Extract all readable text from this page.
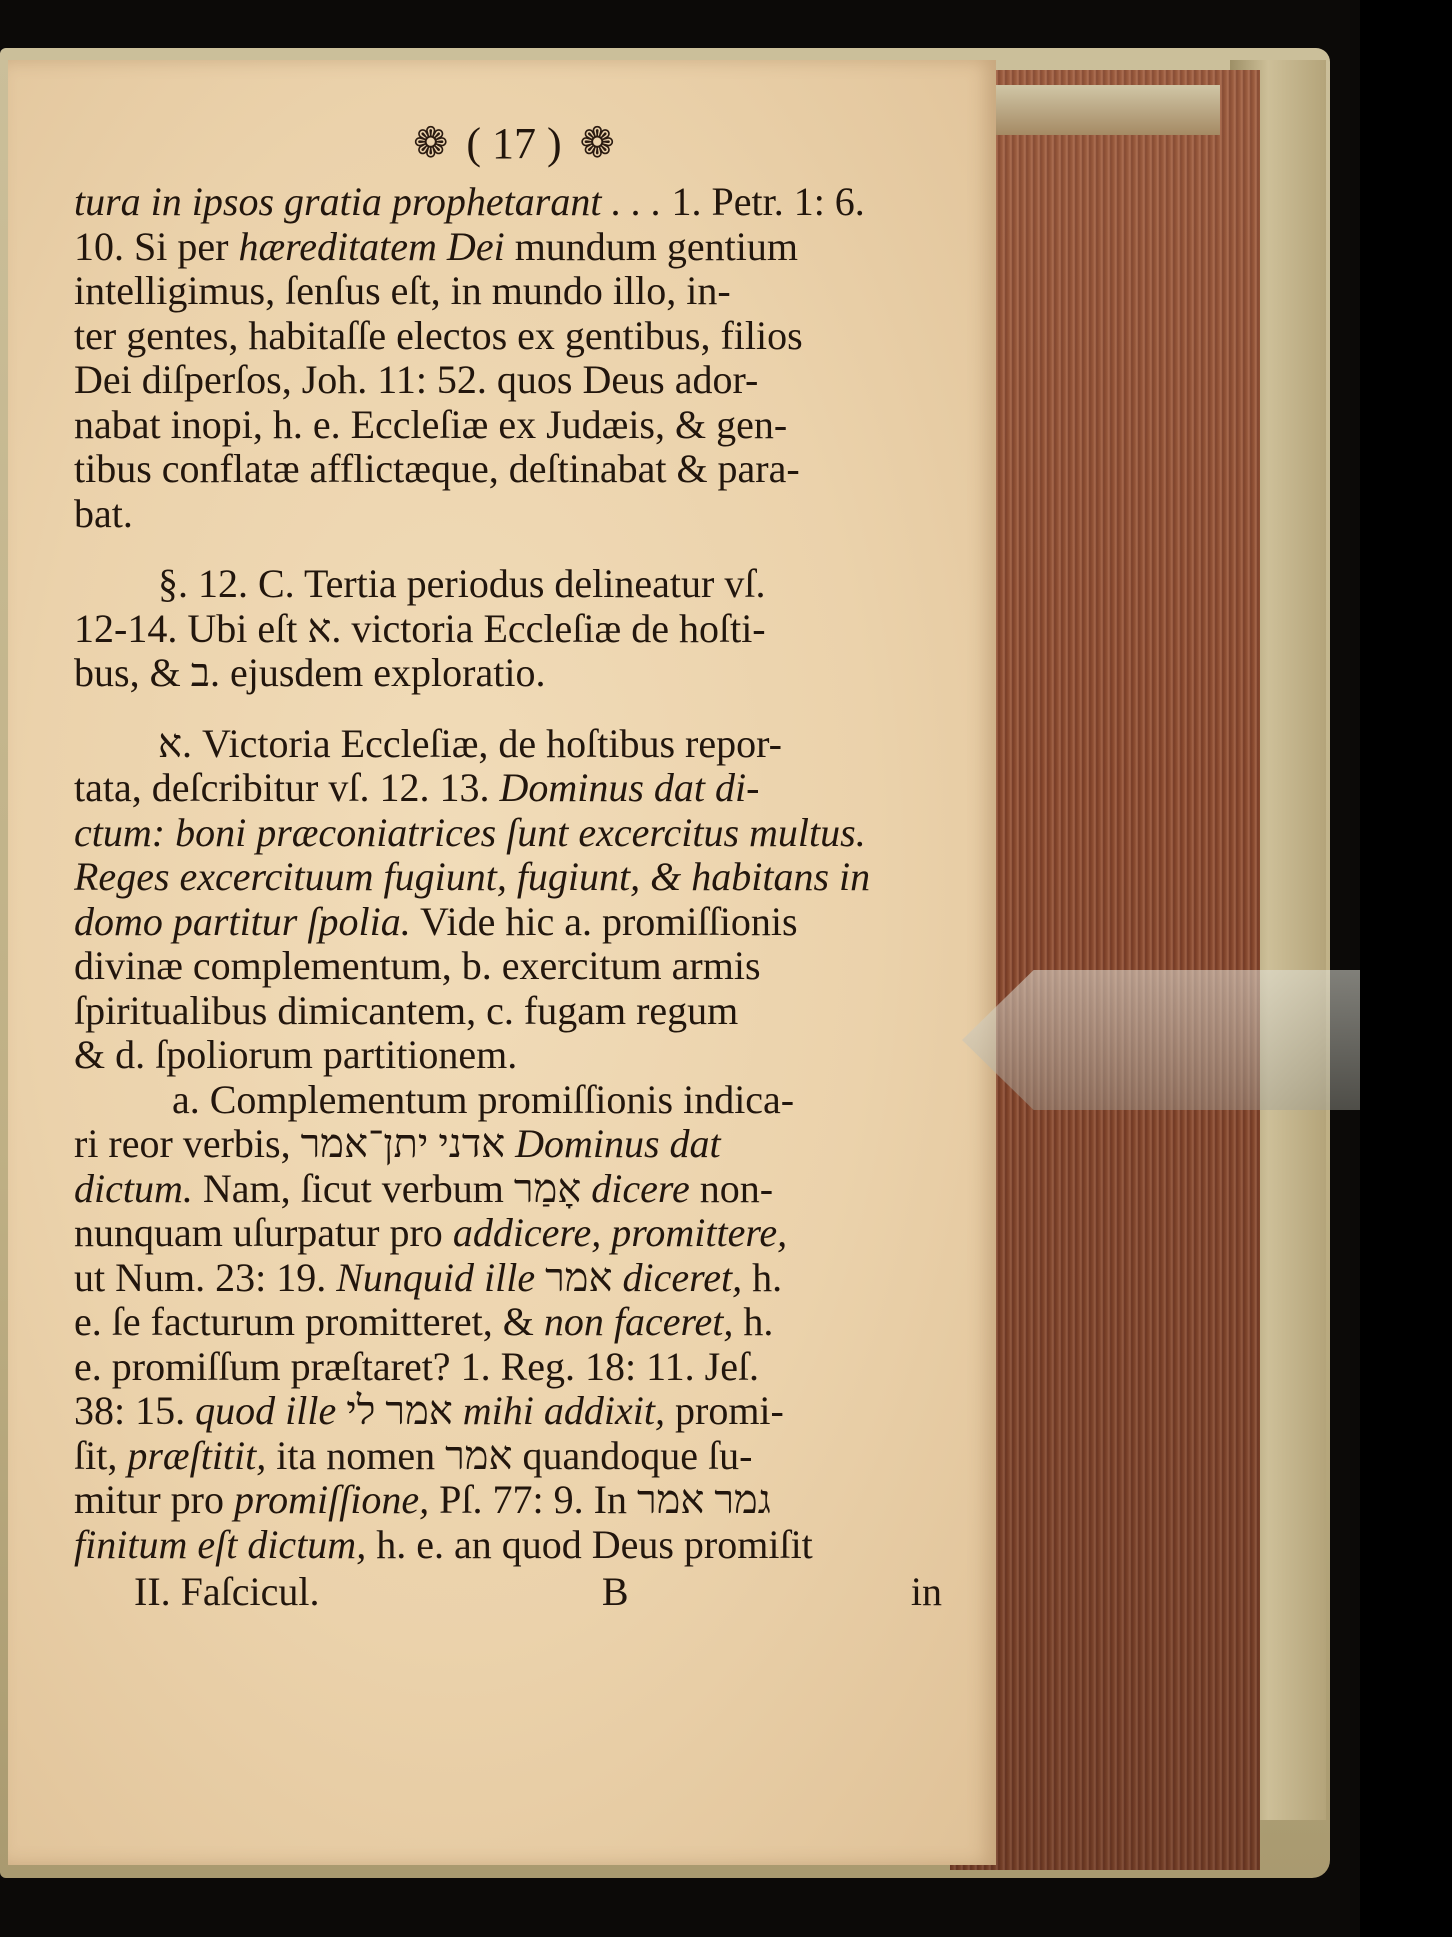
❁ ( 17 ) ❁
tura in ipsos gratia prophetarant . . . 1. Petr. 1: 6.
10. Si per hæreditatem Dei mundum gentium
intelligimus, ſenſus eſt, in mundo illo, in-
ter gentes, habitaſſe electos ex gentibus, filios
Dei diſperſos, Joh. 11: 52. quos Deus ador-
nabat inopi, h. e. Eccleſiæ ex Judæis, & gen-
tibus conflatæ afflictæque, deſtinabat & para-
bat.
§. 12. C. Tertia periodus delineatur vſ.
12-14. Ubi eſt א. victoria Eccleſiæ de hoſti-
bus, & ב. ejusdem exploratio.
א. Victoria Eccleſiæ, de hoſtibus repor-
tata, deſcribitur vſ. 12. 13. Dominus dat di-
ctum: boni præconiatrices ſunt excercitus multus.
Reges excercituum fugiunt, fugiunt, & habitans in
domo partitur ſpolia. Vide hic a. promiſſionis
divinæ complementum, b. exercitum armis
ſpiritualibus dimicantem, c. fugam regum
& d. ſpoliorum partitionem.
a. Complementum promiſſionis indica-
ri reor verbis, אדני יתן־אמר Dominus dat
dictum. Nam, ſicut verbum אָמַר dicere non-
nunquam uſurpatur pro addicere, promittere,
ut Num. 23: 19. Nunquid ille אמר diceret, h.
e. ſe facturum promitteret, & non faceret, h.
e. promiſſum præſtaret? 1. Reg. 18: 11. Jeſ.
38: 15. quod ille אמר לי mihi addixit, promi-
ſit, præſtitit, ita nomen אמר quandoque ſu-
mitur pro promiſſione, Pſ. 77: 9. In גמר אמר
finitum eſt dictum, h. e. an quod Deus promiſit
II. Faſcicul.	B	in
